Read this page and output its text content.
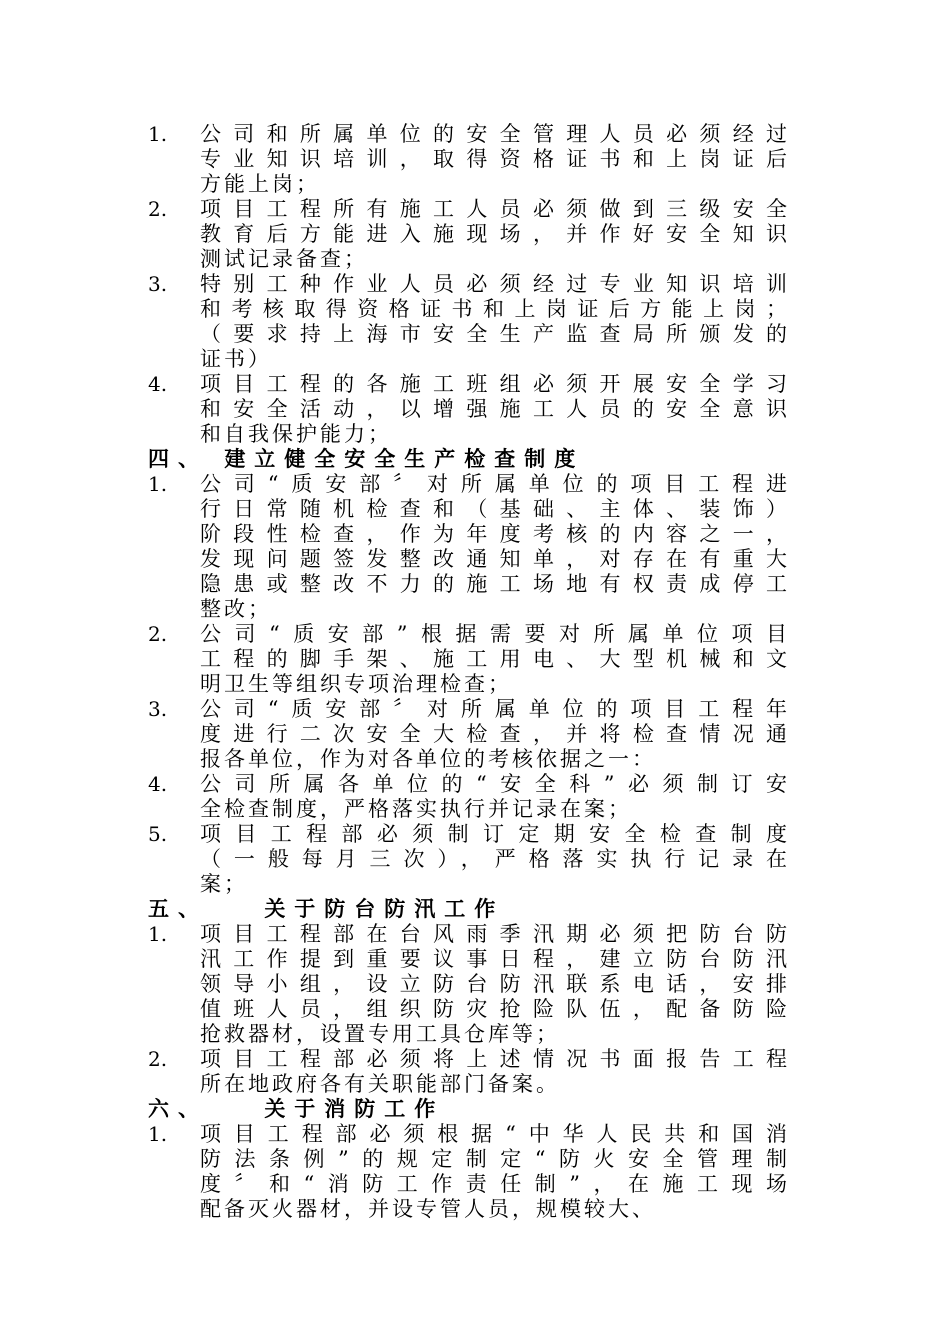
1.	公司和所属单位的安全管理人员必须经过
专业知识培训，取得资格证书和上岗证后
方能上岗；
2.	项目工程所有施工人员必须做到三级安全
教育后方能进入施现场，并作好安全知识
测试记录备查；
3.	特别工种作业人员必须经过专业知识培训
和考核取得资格证书和上岗证后方能上岗；
（要求持上海市安全生产监查局所颁发的
证书）
4.	项目工程的各施工班组必须开展安全学习
和安全活动，以增强施工人员的安全意识
和自我保护能力；
四、 建立健全安全生产检查制度
1.	公司“质安部〞对所属单位的项目工程进
行日常随机检查和（基础、主体、装饰）
阶段性检查，作为年度考核的内容之一，
发现问题签发整改通知单，对存在有重大
隐患或整改不力的施工场地有权责成停工
整改；
2.	公司“质安部”根据需要对所属单位项目
工程的脚手架、施工用电、大型机械和文
明卫生等组织专项治理检查；
3.	公司“质安部〞对所属单位的项目工程年
度进行二次安全大检查，并将检查情况通
报各单位，作为对各单位的考核依据之一：
4.	公司所属各单位的“安全科”必须制订安
全检查制度，严格落实执行并记录在案；
5.	项目工程部必须制订定期安全检查制度
（一般每月三次），严格落实执行记录在
案；
五、	关于防台防汛工作
1.	项目工程部在台风雨季汛期必须把防台防
汛工作提到重要议事日程，建立防台防汛
领导小组，设立防台防汛联系电话，安排
值班人员，组织防灾抢险队伍，配备防险
抢救器材，设置专用工具仓库等；
2.	项目工程部必须将上述情况书面报告工程
所在地政府各有关职能部门备案。
六、	关于消防工作
1.	项目工程部必须根据“中华人民共和国消
防法条例”的规定制定“防火安全管理制
度〞和“消防工作责任制”，在施工现场
配备灭火器材，并设专管人员，规模较大、
